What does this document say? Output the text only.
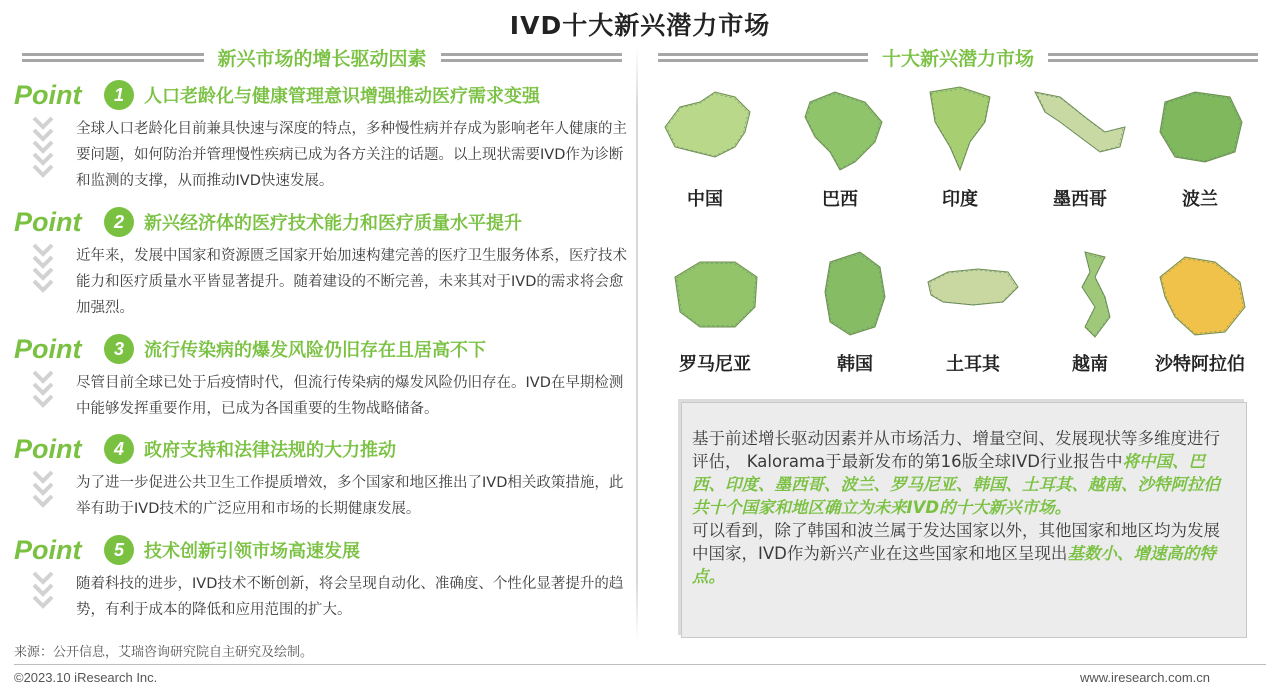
IVD十大新兴潜力市场
新兴市场的增长驱动因素	十大新兴潜力市场
Point	1	人口老龄化与健康管理意识增强推动医疗需求变强
全球人口老龄化目前兼具快速与深度的特点，多种慢性病并存成为影响老年人健康的主要问题，如何防治并管理慢性疾病已成为各方关注的话题。以上现状需要IVD作为诊断和监测的支撑，从而推动IVD快速发展。
Point	2	新兴经济体的医疗技术能力和医疗质量水平提升
近年来，发展中国家和资源匮乏国家开始加速构建完善的医疗卫生服务体系，医疗技术能力和医疗质量水平皆显著提升。随着建设的不断完善，未来其对于IVD的需求将会愈加强烈。
Point	3	流行传染病的爆发风险仍旧存在且居高不下
尽管目前全球已处于后疫情时代，但流行传染病的爆发风险仍旧存在。IVD在早期检测中能够发挥重要作用，已成为各国重要的生物战略储备。
Point	4	政府支持和法律法规的大力推动
为了进一步促进公共卫生工作提质增效，多个国家和地区推出了IVD相关政策措施，此举有助于IVD技术的广泛应用和市场的长期健康发展。
Point	5	技术创新引领市场高速发展
随着科技的进步，IVD技术不断创新，将会呈现自动化、准确度、个性化显著提升的趋势，有利于成本的降低和应用范围的扩大。
中国	巴西	印度	墨西哥	波兰
罗马尼亚	韩国	土耳其	越南	沙特阿拉伯
基于前述增长驱动因素并从市场活力、增量空间、发展现状等多维度进行评估， Kalorama于最新发布的第16版全球IVD行业报告中将中国、巴西、印度、墨西哥、波兰、罗马尼亚、韩国、土耳其、越南、沙特阿拉伯共十个国家和地区确立为未来IVD的十大新兴市场。
可以看到，除了韩国和波兰属于发达国家以外，其他国家和地区均为发展中国家，IVD作为新兴产业在这些国家和地区呈现出基数小、增速高的特点。
来源：公开信息，艾瑞咨询研究院自主研究及绘制。
©2023.10 iResearch Inc.	www.iresearch.com.cn
